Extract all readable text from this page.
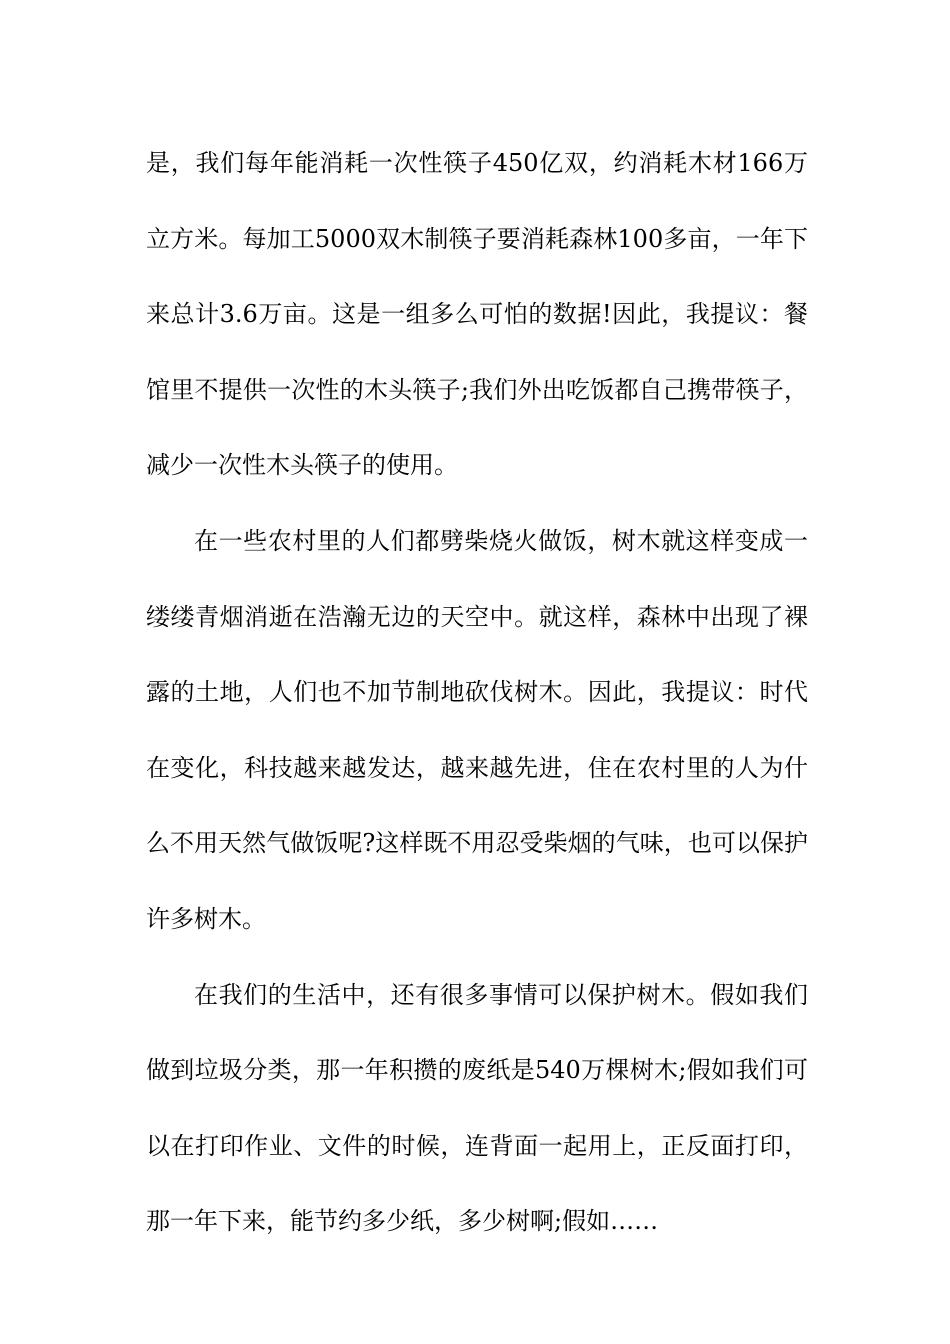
是，我们每年能消耗一次性筷子450亿双，约消耗木材166万立方米。每加工5000双木制筷子要消耗森林100多亩，一年下来总计3.6万亩。这是一组多么可怕的数据!因此，我提议：餐馆里不提供一次性的木头筷子;我们外出吃饭都自己携带筷子，减少一次性木头筷子的使用。

在一些农村里的人们都劈柴烧火做饭，树木就这样变成一缕缕青烟消逝在浩瀚无边的天空中。就这样，森林中出现了裸露的土地，人们也不加节制地砍伐树木。因此，我提议：时代在变化，科技越来越发达，越来越先进，住在农村里的人为什么不用天然气做饭呢?这样既不用忍受柴烟的气味，也可以保护许多树木。

在我们的生活中，还有很多事情可以保护树木。假如我们做到垃圾分类，那一年积攒的废纸是540万棵树木;假如我们可以在打印作业、文件的时候，连背面一起用上，正反面打印，那一年下来，能节约多少纸，多少树啊;假如……
